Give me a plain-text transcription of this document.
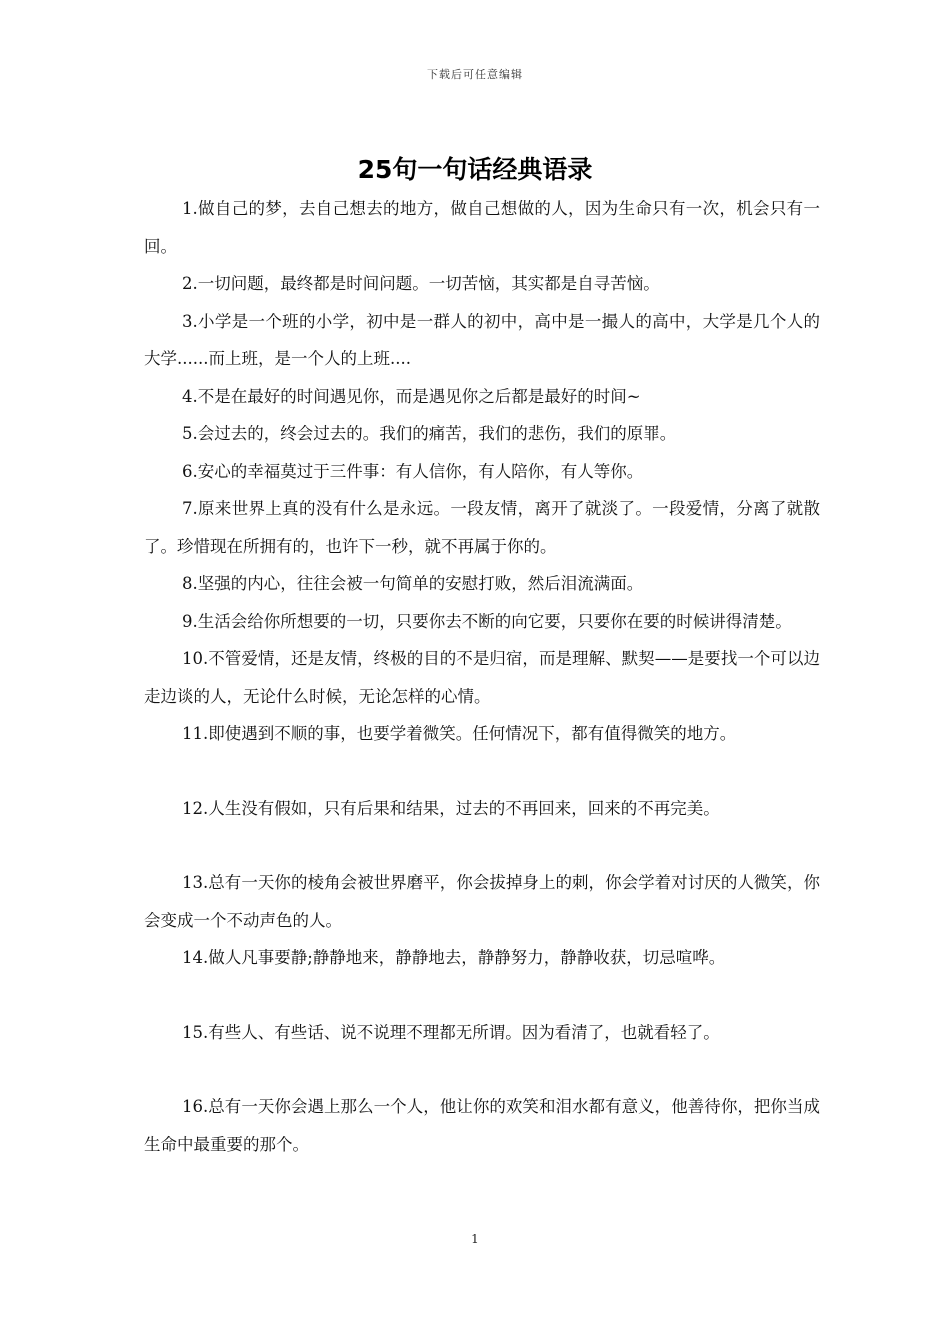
下载后可任意编辑
25句一句话经典语录

1.做自己的梦，去自己想去的地方，做自己想做的人，因为生命只有一次，机会只有一回。

2.一切问题，最终都是时间问题。一切苦恼，其实都是自寻苦恼。

3.小学是一个班的小学，初中是一群人的初中，高中是一撮人的高中，大学是几个人的大学......而上班，是一个人的上班....

4.不是在最好的时间遇见你，而是遇见你之后都是最好的时间~

5.会过去的，终会过去的。我们的痛苦，我们的悲伤，我们的原罪。

6.安心的幸福莫过于三件事：有人信你，有人陪你，有人等你。

7.原来世界上真的没有什么是永远。一段友情，离开了就淡了。一段爱情，分离了就散了。珍惜现在所拥有的，也许下一秒，就不再属于你的。

8.坚强的内心，往往会被一句简单的安慰打败，然后泪流满面。

9.生活会给你所想要的一切，只要你去不断的向它要，只要你在要的时候讲得清楚。

10.不管爱情，还是友情，终极的目的不是归宿，而是理解、默契——是要找一个可以边走边谈的人，无论什么时候，无论怎样的心情。

11.即使遇到不顺的事，也要学着微笑。任何情况下，都有值得微笑的地方。

12.人生没有假如，只有后果和结果，过去的不再回来，回来的不再完美。

13.总有一天你的棱角会被世界磨平，你会拔掉身上的刺，你会学着对讨厌的人微笑，你会变成一个不动声色的人。

14.做人凡事要静;静静地来，静静地去，静静努力，静静收获，切忌喧哗。

15.有些人、有些话、说不说理不理都无所谓。因为看清了，也就看轻了。

16.总有一天你会遇上那么一个人，他让你的欢笑和泪水都有意义，他善待你，把你当成生命中最重要的那个。

1
